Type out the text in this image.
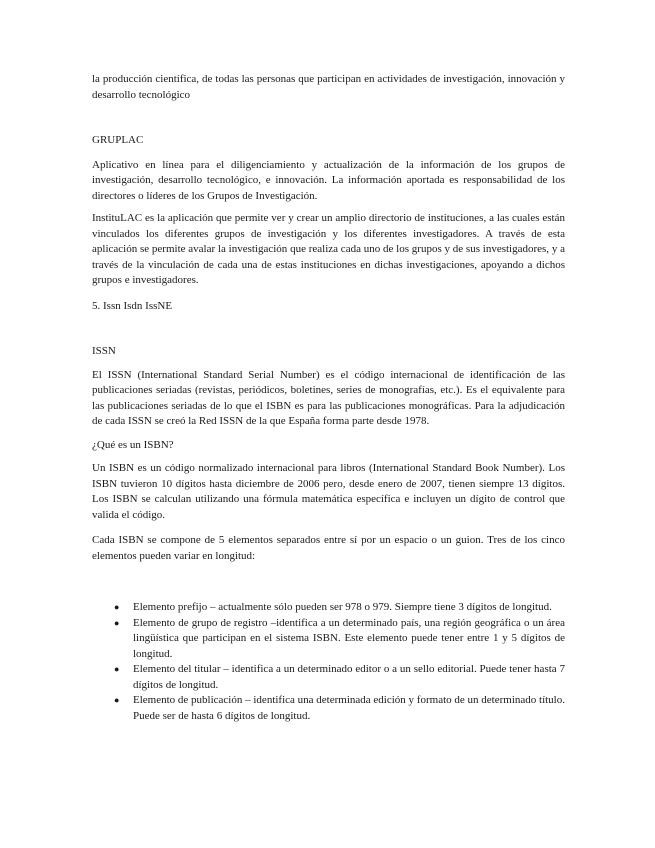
la producción científica, de todas las personas que participan en actividades de investigación, innovación y desarrollo tecnológico

GRUPLAC

Aplicativo en línea para el diligenciamiento y actualización de la información de los grupos de investigación, desarrollo tecnológico, e innovación. La información aportada es responsabilidad de los directores o líderes de los Grupos de Investigación.

InstituLAC es la aplicación que permite ver y crear un amplio directorio de instituciones, a las cuales están vinculados los diferentes grupos de investigación y los diferentes investigadores. A través de esta aplicación se permite avalar la investigación que realiza cada uno de los grupos y de sus investigadores, y a través de la vinculación de cada una de estas instituciones en dichas investigaciones, apoyando a dichos grupos e investigadores.

5. Issn Isdn IssNE

ISSN

El ISSN (International Standard Serial Number) es el código internacional de identificación de las publicaciones seriadas (revistas, periódicos, boletines, series de monografías, etc.). Es el equivalente para las publicaciones seriadas de lo que el ISBN es para las publicaciones monográficas. Para la adjudicación de cada ISSN se creó la Red ISSN de la que España forma parte desde 1978.

¿Qué es un ISBN?

Un ISBN es un código normalizado internacional para libros (International Standard Book Number). Los ISBN tuvieron 10 dígitos hasta diciembre de 2006 pero, desde enero de 2007, tienen siempre 13 dígitos. Los ISBN se calculan utilizando una fórmula matemática específica e incluyen un dígito de control que valida el código.

Cada ISBN se compone de 5 elementos separados entre sí por un espacio o un guion. Tres de los cinco elementos pueden variar en longitud:

● Elemento prefijo – actualmente sólo pueden ser 978 o 979. Siempre tiene 3 dígitos de longitud.
● Elemento de grupo de registro –identifica a un determinado país, una región geográfica o un área lingüística que participan en el sistema ISBN. Este elemento puede tener entre 1 y 5 dígitos de longitud.
● Elemento del titular – identifica a un determinado editor o a un sello editorial. Puede tener hasta 7 dígitos de longitud.
● Elemento de publicación – identifica una determinada edición y formato de un determinado título. Puede ser de hasta 6 dígitos de longitud.
